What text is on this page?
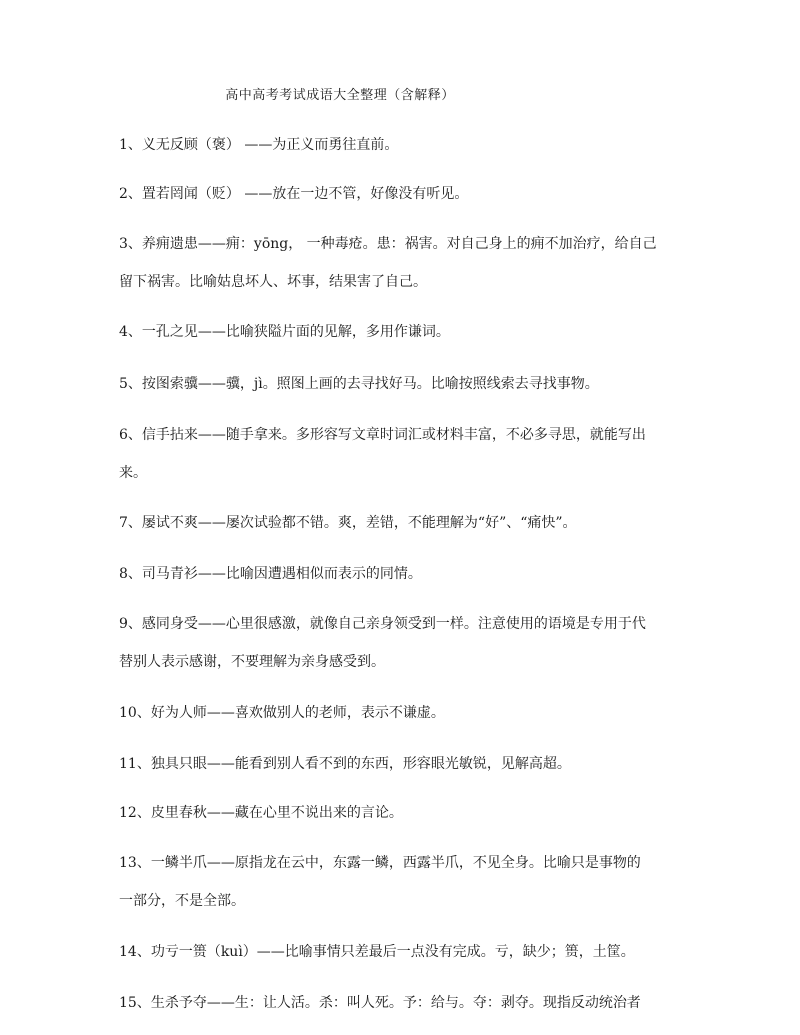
高中高考考试成语大全整理（含解释）
1、义无反顾（褒） ——为正义而勇往直前。
2、置若罔闻（贬） ——放在一边不管，好像没有听见。
3、养痈遗患——痈：yōng， 一种毒疮。患：祸害。对自己身上的痈不加治疗，给自己
留下祸害。比喻姑息坏人、坏事，结果害了自己。
4、一孔之见——比喻狭隘片面的见解，多用作谦词。
5、按图索骥——骥，jì。照图上画的去寻找好马。比喻按照线索去寻找事物。
6、信手拈来——随手拿来。多形容写文章时词汇或材料丰富，不必多寻思，就能写出
来。
7、屡试不爽——屡次试验都不错。爽，差错，不能理解为“好”、“痛快”。
8、司马青衫——比喻因遭遇相似而表示的同情。
9、感同身受——心里很感激，就像自己亲身领受到一样。注意使用的语境是专用于代
替别人表示感谢，不要理解为亲身感受到。
10、好为人师——喜欢做别人的老师，表示不谦虚。
11、独具只眼——能看到别人看不到的东西，形容眼光敏锐，见解高超。
12、皮里春秋——藏在心里不说出来的言论。
13、一鳞半爪——原指龙在云中，东露一鳞，西露半爪，不见全身。比喻只是事物的
一部分，不是全部。
14、功亏一篑（kuì）——比喻事情只差最后一点没有完成。亏，缺少；篑，土筐。
15、生杀予夺——生：让人活。杀：叫人死。予：给与。夺：剥夺。现指反动统治者
